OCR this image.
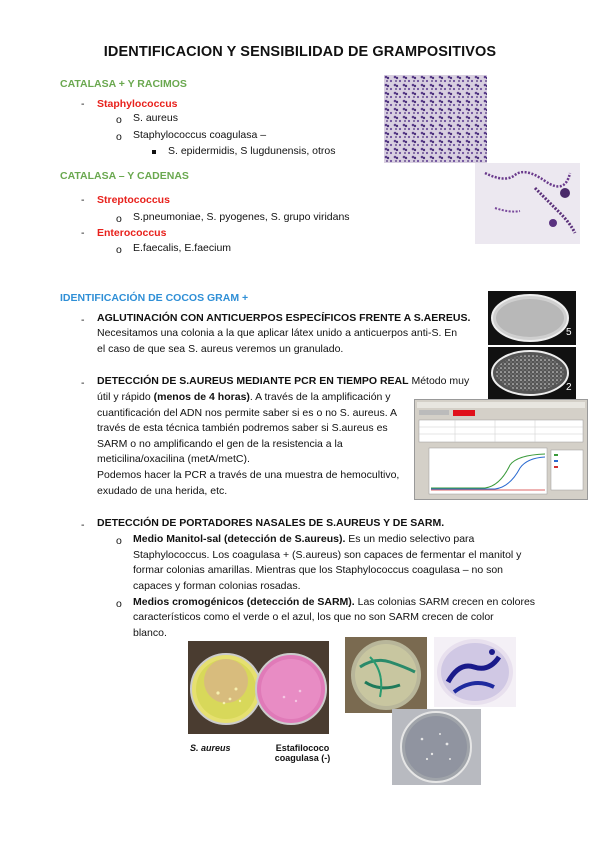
IDENTIFICACION Y SENSIBILIDAD DE GRAMPOSITIVOS
CATALASA + Y RACIMOS
- Staphylococcus
o S. aureus
o Staphylococcus coagulasa –
S. epidermidis, S lugdunensis, otros
CATALASA – Y CADENAS
- Streptococcus
o S.pneumoniae, S. pyogenes, S. grupo viridans
- Enterococcus
o E.faecalis, E.faecium
IDENTIFICACIÓN DE COCOS GRAM +
- AGLUTINACIÓN CON ANTICUERPOS ESPECÍFICOS FRENTE A S.AEREUS.
Necesitamos una colonia a la que aplicar látex unido a anticuerpos anti-S. En
el caso de que sea S. aureus veremos un granulado.
5
2
- DETECCIÓN DE S.AUREUS MEDIANTE PCR EN TIEMPO REAL Método muy
útil y rápido (menos de 4 horas). A través de la amplificación y
cuantificación del ADN nos permite saber si es o no S. aureus. A
través de esta técnica también podremos saber si S.aureus es
SARM o no amplificando el gen de la resistencia a la
meticilina/oxacilina (metA/metC).
Podemos hacer la PCR a través de una muestra de hemocultivo,
exudado de una herida, etc.
- DETECCIÓN DE PORTADORES NASALES DE S.AUREUS Y DE SARM.
o Medio Manitol-sal (detección de S.aureus). Es un medio selectivo para
Staphylococcus. Los coagulasa + (S.aureus) son capaces de fermentar el manitol y
formar colonias amarillas. Mientras que los Staphylococcus coagulasa – no son
capaces y forman colonias rosadas.
o Medios cromogénicos (detección de SARM). Las colonias SARM crecen en colores
característicos como el verde o el azul, los que no son SARM crecen de color
blanco.
S. aureus	Estafilococo
coagulasa (-)
